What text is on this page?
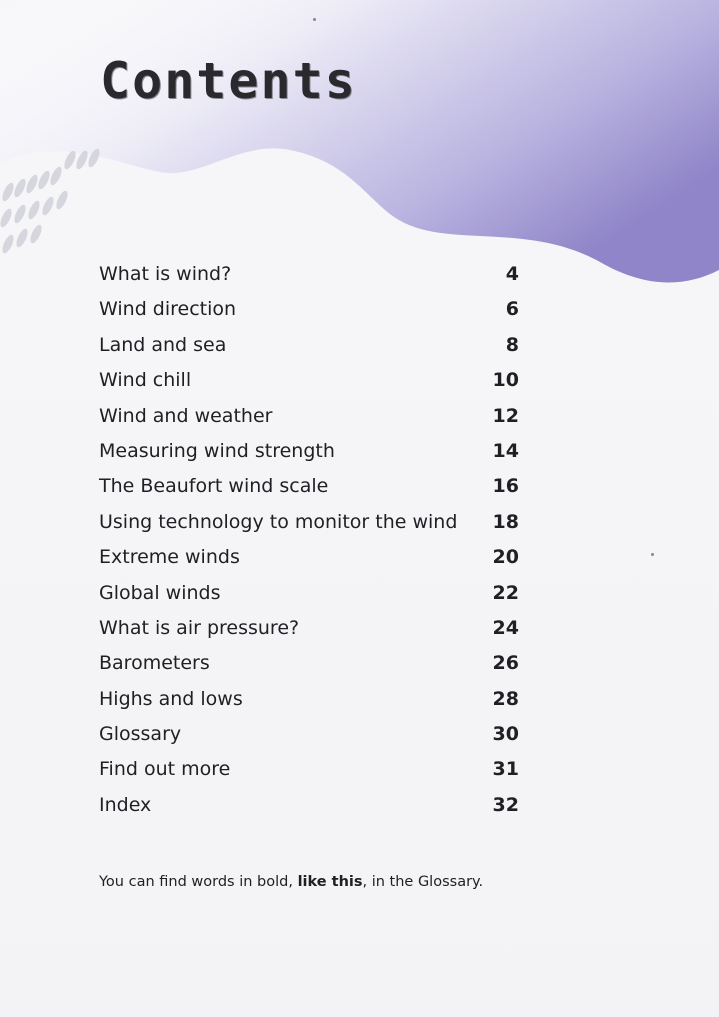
Contents
What is wind?	4
Wind direction	6
Land and sea	8
Wind chill	10
Wind and weather	12
Measuring wind strength	14
The Beaufort wind scale	16
Using technology to monitor the wind 18
Extreme winds	20
Global winds	22
What is air pressure?	24
Barometers	26
Highs and lows	28
Glossary	30
Find out more	31
Index	32
You can find words in bold, like this, in the Glossary.
